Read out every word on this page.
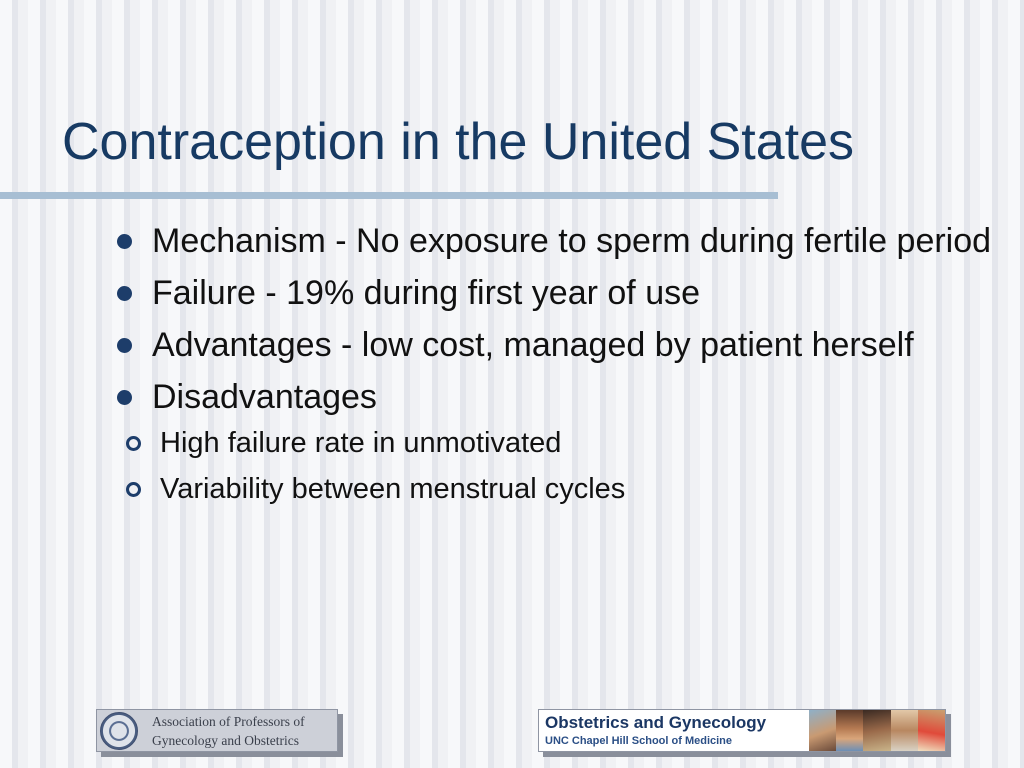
Contraception in the United States
Mechanism - No exposure to sperm during fertile period
Failure - 19% during first year of use
Advantages - low cost, managed by patient herself
Disadvantages
High failure rate in unmotivated
Variability between menstrual cycles
Association of Professors of
Gynecology and Obstetrics
Obstetrics and Gynecology
UNC Chapel Hill School of Medicine
